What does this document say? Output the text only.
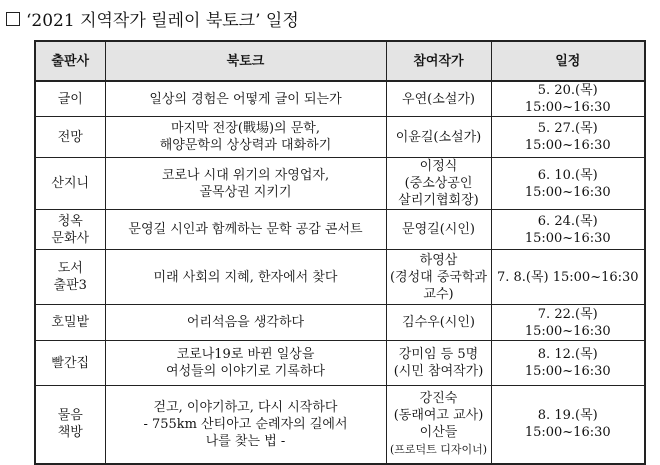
‘2021 지역작가 릴레이 북토크’ 일정
출판사	북토크	참여작가	일정

글이	일상의 경험은 어떻게 글이 되는가	우연(소설가)	5. 20.(목) 15:00~16:30

전망	마지막 전장(戰場)의 문학,
해양문학의 상상력과 대화하기	이윤길(소설가)	5. 27.(목) 15:00~16:30

산지니	코로나 시대 위기의 자영업자,
골목상권 지키기	이정식
(중소상공인
살리기협회장)	6. 10.(목) 15:00~16:30

청옥
문화사	문영길 시인과 함께하는 문학 공감 콘서트	문영길(시인)	6. 24.(목) 15:00~16:30

도서
출판3	미래 사회의 지혜, 한자에서 찾다	하영삼
(경성대 중국학과
교수)	7. 8.(목) 15:00~16:30

호밀밭	어리석음을 생각하다	김수우(시인)	7. 22.(목) 15:00~16:30

빨간집	코로나19로 바뀐 일상을
여성들의 이야기로 기록하다	강미임 등 5명
(시민 참여작가)	8. 12.(목) 15:00~16:30

물음
책방	걷고, 이야기하고, 다시 시작하다
- 755km 산티아고 순례자의 길에서
나를 찾는 법 -	강진숙
(동래여고 교사)
이산들
(프로덕트 디자이너)	8. 19.(목) 15:00~16:30
